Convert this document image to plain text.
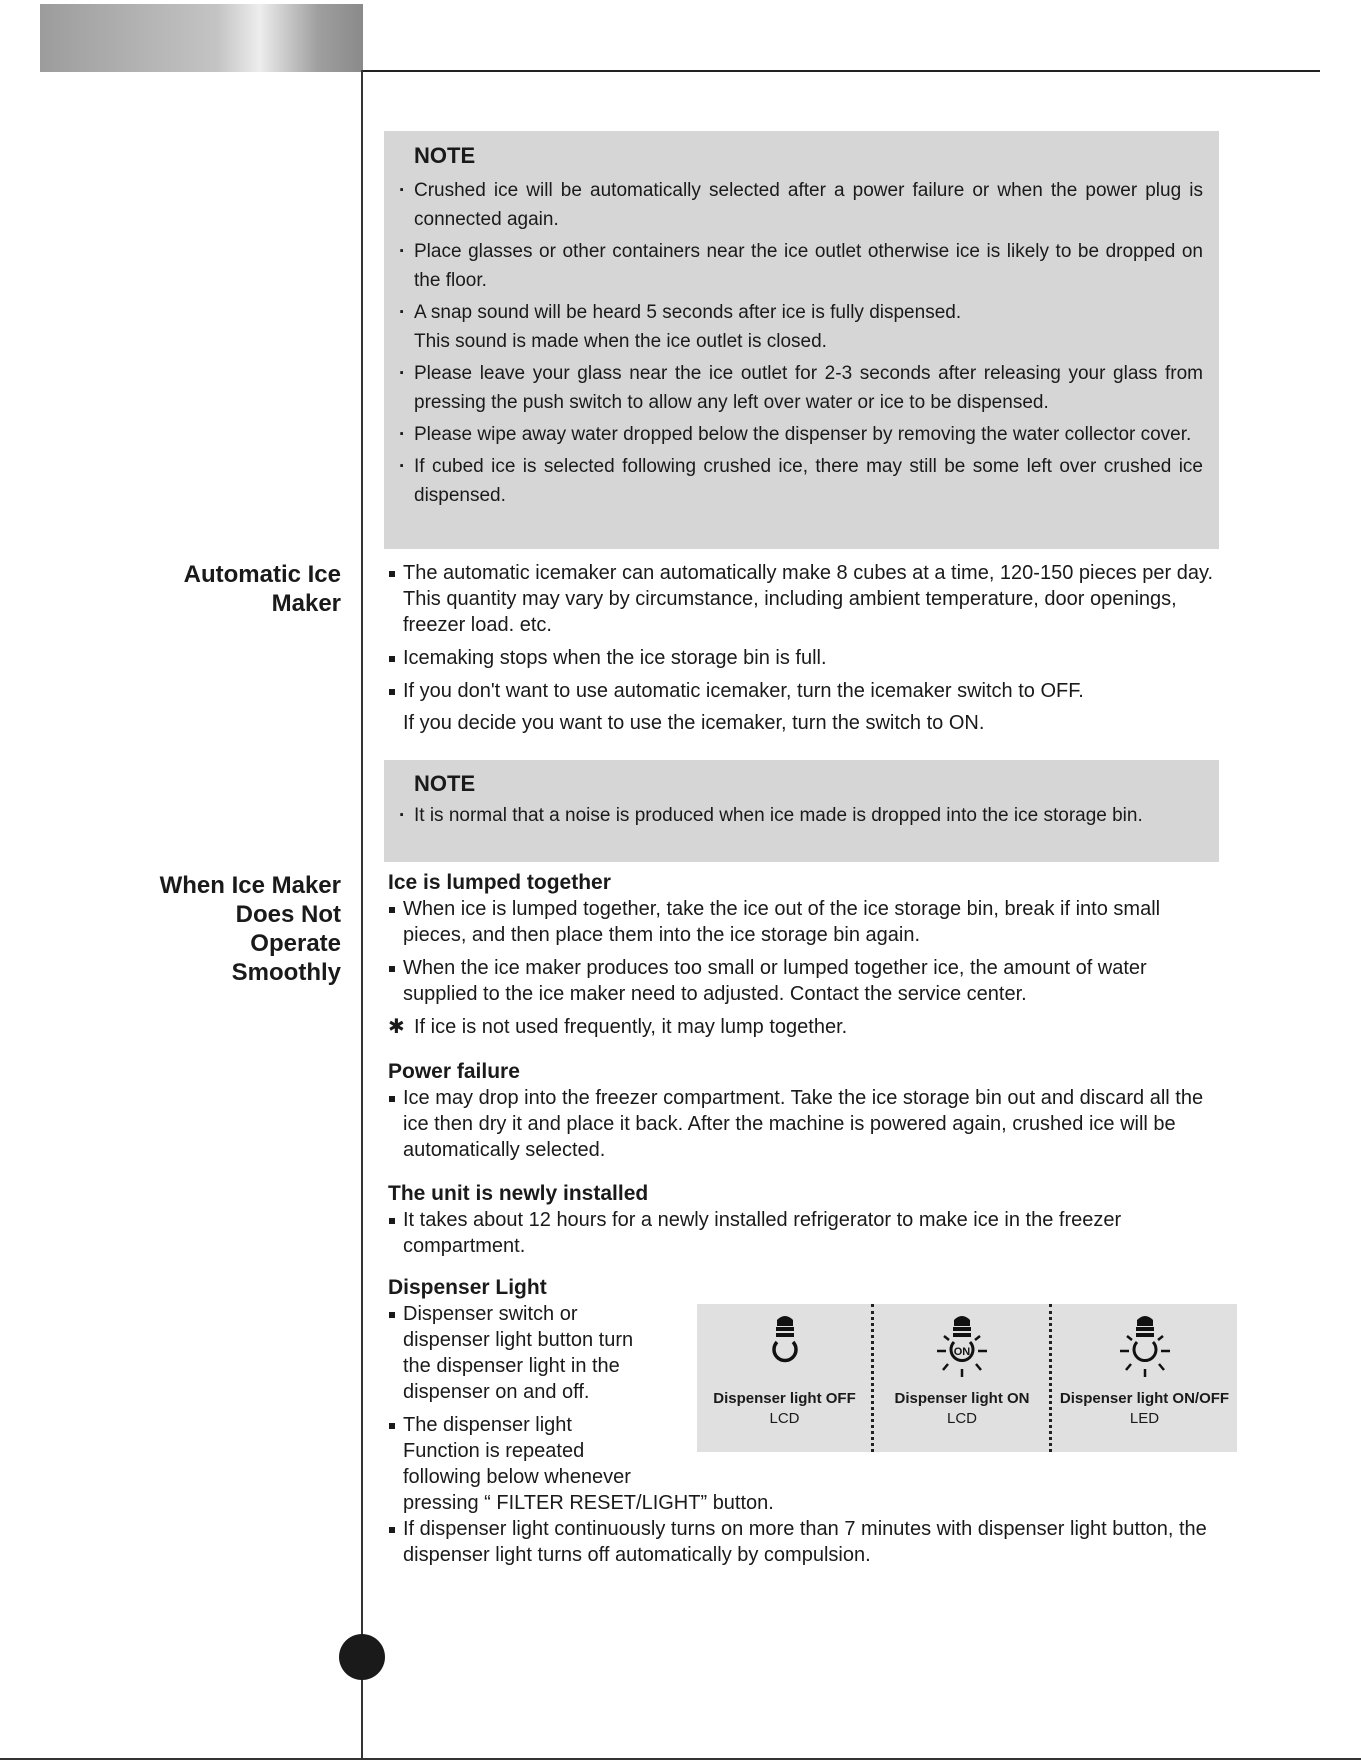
NOTE
· Crushed ice will be automatically selected after a power failure or when the power plug is connected again.
· Place glasses or other containers near the ice outlet otherwise ice is likely to be dropped on the floor.
· A snap sound will be heard 5 seconds after ice is fully dispensed.
This sound is made when the ice outlet is closed.
· Please leave your glass near the ice outlet for 2-3 seconds after releasing your glass from pressing the push switch to allow any left over water or ice to be dispensed.
· Please wipe away water dropped below the dispenser by removing the water collector cover.
· If cubed ice is selected following crushed ice, there may still be some left over crushed ice dispensed.
Automatic Ice
Maker
The automatic icemaker can automatically make 8 cubes at a time, 120-150 pieces per day. This quantity may vary by circumstance, including ambient temperature, door openings, freezer load. etc.
Icemaking stops when the ice storage bin is full.
If you don't want to use automatic icemaker, turn the icemaker switch to OFF.
If you decide you want to use the icemaker, turn the switch to ON.
NOTE
· It is normal that a noise is produced when ice made is dropped into the ice storage bin.
When Ice Maker
Does Not
Operate
Smoothly
Ice is lumped together
When ice is lumped together, take the ice out of the ice storage bin, break if into small pieces, and then place them into the ice storage bin again.
When the ice maker produces too small or lumped together ice, the amount of water supplied to the ice maker need to adjusted. Contact the service center.
✱ If ice is not used frequently, it may lump together.
Power failure
Ice may drop into the freezer compartment. Take the ice storage bin out and discard all the ice then dry it and place it back. After the machine is powered again, crushed ice will be automatically selected.
The unit is newly installed
It takes about 12 hours for a newly installed refrigerator to make ice in the freezer compartment.
Dispenser Light
Dispenser switch or
dispenser light button turn
the dispenser light in the
dispenser on and off.
The dispenser light
Function is repeated
following below whenever
pressing “ FILTER RESET/LIGHT” button.
If dispenser light continuously turns on more than 7 minutes with dispenser light button, the dispenser light turns off automatically by compulsion.
Dispenser light OFF
LCD
ON
Dispenser light ON
LCD
Dispenser light ON/OFF
LED
